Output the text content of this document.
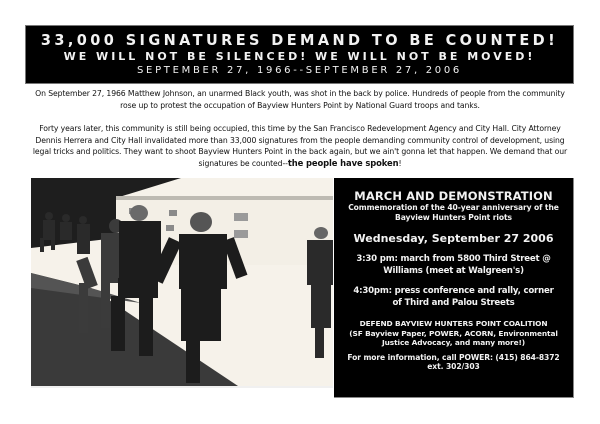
33,000 SIGNATURES DEMAND TO BE COUNTED!
WE WILL NOT BE SILENCED! WE WILL NOT BE MOVED!
SEPTEMBER 27, 1966--SEPTEMBER 27, 2006
On September 27, 1966 Matthew Johnson, an unarmed Black youth, was shot in the back by police. Hundreds of people from the community rose up to protest the occupation of Bayview Hunters Point by National Guard troops and tanks.
Forty years later, this community is still being occupied, this time by the San Francisco Redevelopment Agency and City Hall. City Attorney Dennis Herrera and City Hall invalidated more than 33,000 signatures from the people demanding community control of development, using legal tricks and politics. They want to shoot Bayview Hunters Point in the back again, but we ain't gonna let that happen. We demand that our signatures be counted--the people have spoken!
MARCH AND DEMONSTRATION
Commemoration of the 40-year anniversary of the
Bayview Hunters Point riots
Wednesday, September 27 2006
3:30 pm: march from 5800 Third Street @
Williams (meet at Walgreen's)
4:30pm: press conference and rally, corner
of Third and Palou Streets
DEFEND BAYVIEW HUNTERS POINT COALITION
(SF Bayview Paper, POWER, ACORN, Environmental
Justice Advocacy, and many more!)
For more information, call POWER: (415) 864-8372
ext. 302/303
